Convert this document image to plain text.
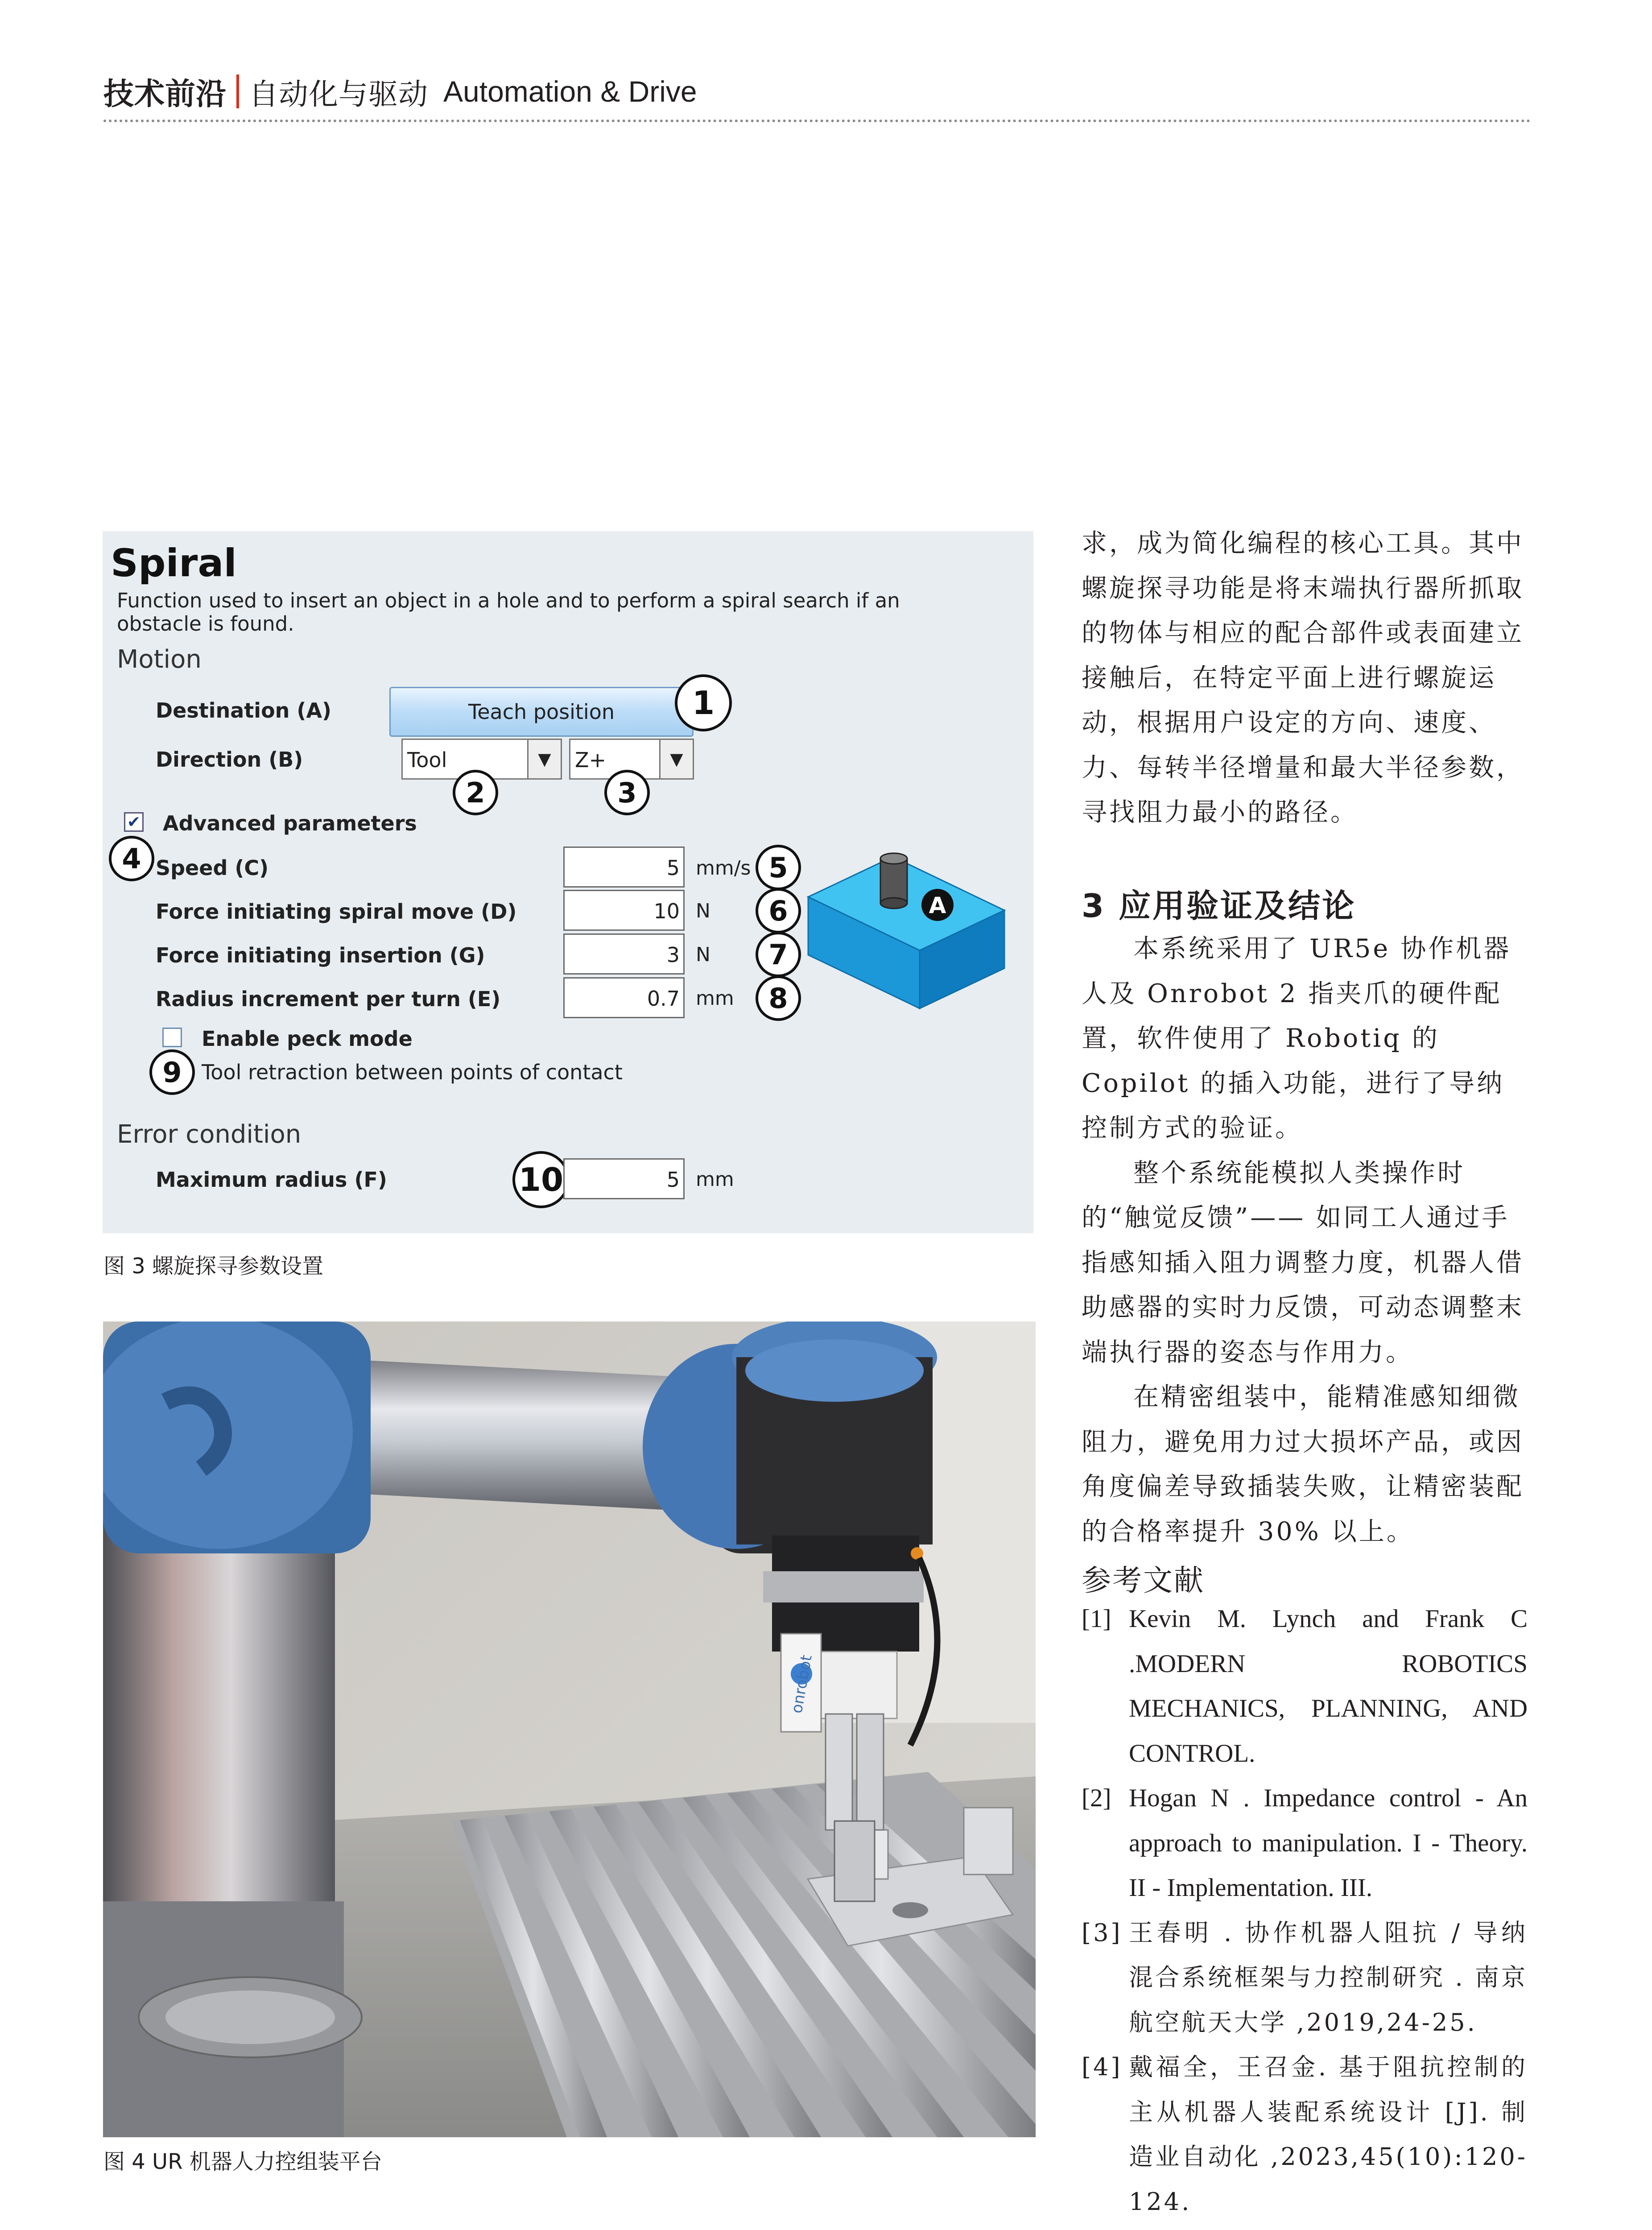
技术前沿 自动化与驱动 Automation & Drive
Spiral
Function used to insert an object in a hole and to perform a spiral search if an obstacle is found.
Motion
Destination (A)	Teach position	1
Direction (B)	Tool	▼	Z+	▼
2	3
✔ Advanced parameters
4 Speed (C)	5 mm/s 5
Force initiating spiral move (D)	10 N	6
Force initiating insertion (G)	3 N	7
Radius increment per turn (E)	0.7 mm	8
A
Enable peck mode
9 Tool retraction between points of contact
Error condition
Maximum radius (F)	10	5 mm
图 3 螺旋探寻参数设置
onrobot
图 4 UR 机器人力控组装平台

求，成为简化编程的核心工具。其中螺旋探寻功能是将末端执行器所抓取的物体与相应的配合部件或表面建立接触后，在特定平面上进行螺旋运动，根据用户设定的方向、速度、力、每转半径增量和最大半径参数，寻找阻力最小的路径。

3 应用验证及结论

本系统采用了 UR5e 协作机器人及 Onrobot 2 指夹爪的硬件配置，软件使用了 Robotiq 的 Copilot 的插入功能，进行了导纳控制方式的验证。

整个系统能模拟人类操作时的“触觉反馈”—— 如同工人通过手指感知插入阻力调整力度，机器人借助感器的实时力反馈，可动态调整末端执行器的姿态与作用力。

在精密组装中，能精准感知细微阻力，避免用力过大损坏产品，或因角度偏差导致插装失败，让精密装配的合格率提升 30% 以上。

参考文献
[1] Kevin M. Lynch and Frank C .MODERN ROBOTICS MECHANICS, PLANNING, AND CONTROL.
[2] Hogan N . Impedance control - An approach to manipulation. I - Theory. II - Implementation. III.
[3] 王春明 . 协作机器人阻抗 / 导纳混合系统框架与力控制研究 . 南京航空航天大学 ,2019,24-25.
[4] 戴福全，王召金. 基于阻抗控制的主从机器人装配系统设计 [J]. 制造业自动化 ,2023,45(10):120-124.
